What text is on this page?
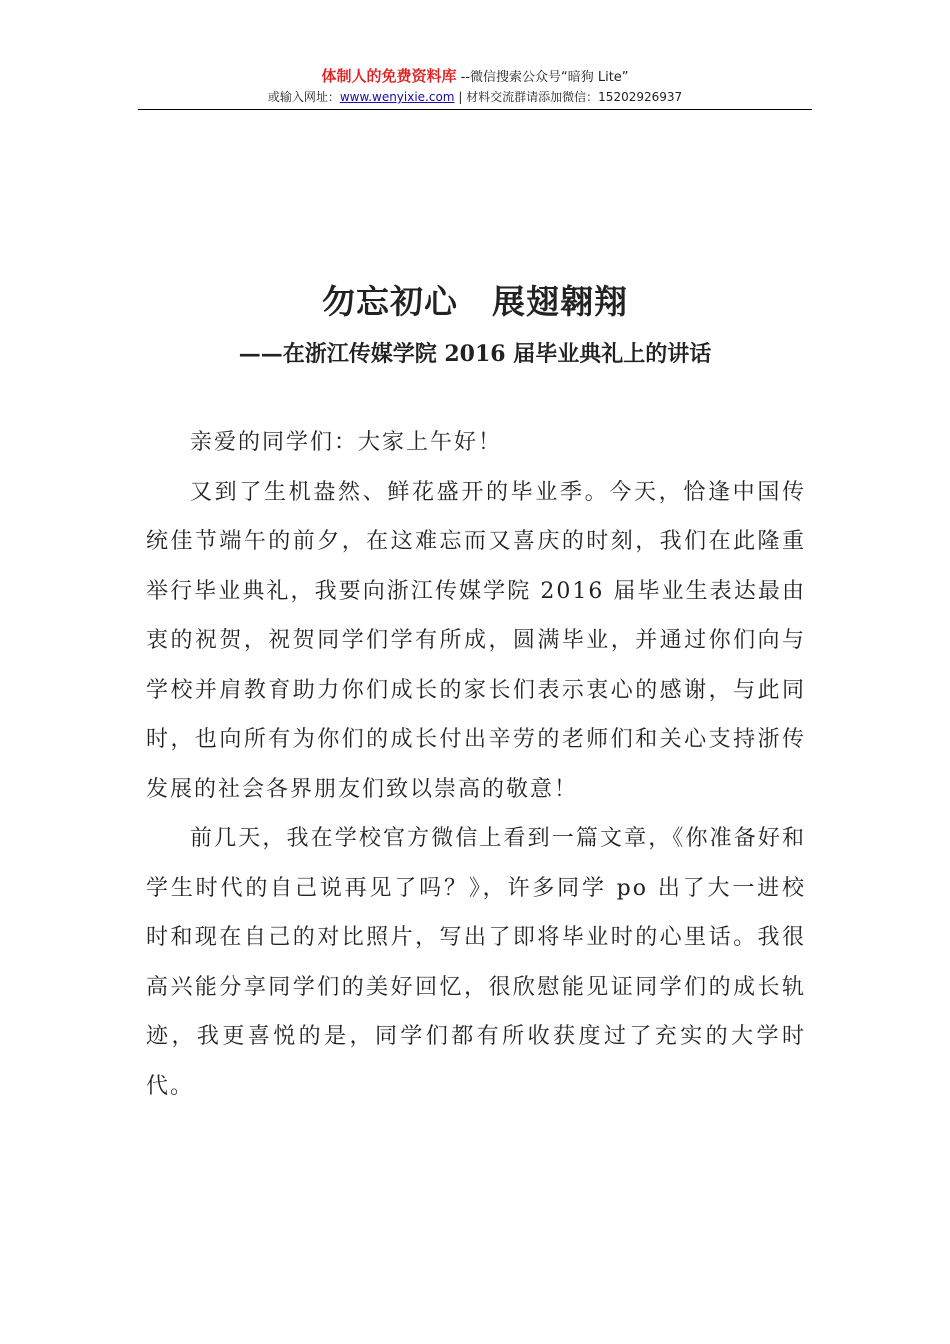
体制人的免费资料库 --微信搜索公众号“暗狗 Lite”
或输入网址：www.wenyixie.com | 材料交流群请添加微信：15202926937
勿忘初心　展翅翱翔
——在浙江传媒学院 2016 届毕业典礼上的讲话

亲爱的同学们：大家上午好！

又到了生机盎然、鲜花盛开的毕业季。今天，恰逢中国传统佳节端午的前夕，在这难忘而又喜庆的时刻，我们在此隆重举行毕业典礼，我要向浙江传媒学院 2016 届毕业生表达最由衷的祝贺，祝贺同学们学有所成，圆满毕业，并通过你们向与学校并肩教育助力你们成长的家长们表示衷心的感谢，与此同时，也向所有为你们的成长付出辛劳的老师们和关心支持浙传发展的社会各界朋友们致以崇高的敬意！

前几天，我在学校官方微信上看到一篇文章，《你准备好和学生时代的自己说再见了吗？》，许多同学 po 出了大一进校时和现在自己的对比照片，写出了即将毕业时的心里话。我很高兴能分享同学们的美好回忆，很欣慰能见证同学们的成长轨迹，我更喜悦的是，同学们都有所收获度过了充实的大学时代。
